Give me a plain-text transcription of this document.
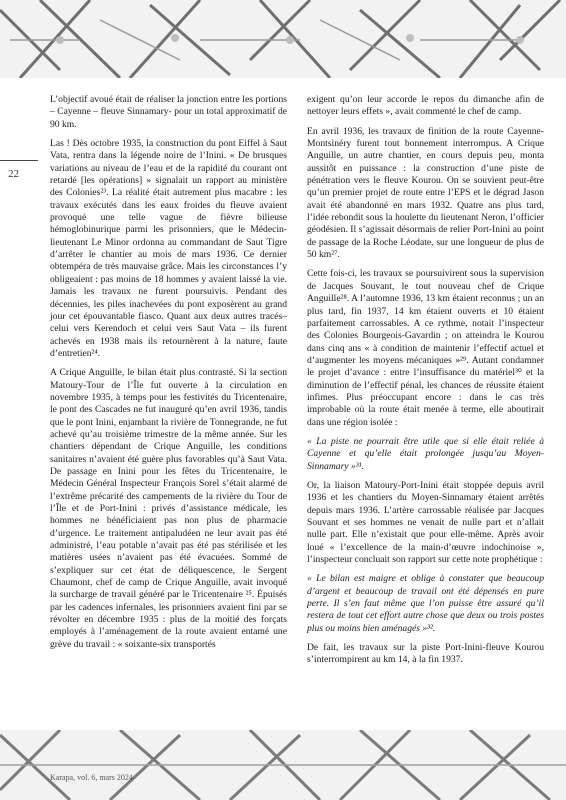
22

L’objectif avoué était de réaliser la jonction entre les portions – Cayenne – fleuve Sinnamary- pour un total approximatif de 90 km.

Las ! Dès octobre 1935, la construction du pont Eiffel à Saut Vata, rentra dans la légende noire de l’Inini. « De brusques variations au niveau de l’eau et de la rapidité du courant ont retardé [les opérations] » signalait un rapport au ministère des Colonies²³. La réalité était autrement plus macabre : les travaux exécutés dans les eaux froides du fleuve avaient provoqué une telle vague de fièvre bilieuse hémoglobinurique parmi les prisonniers, que le Médecin-lieutenant Le Minor ordonna au commandant de Saut Tigre d’arrêter le chantier au mois de mars 1936. Ce dernier obtempéra de très mauvaise grâce. Mais les circonstances l’y obligeaient : pas moins de 18 hommes y avaient laissé la vie. Jamais les travaux ne furent poursuivis. Pendant des décennies, les piles inachevées du pont exposèrent au grand jour cet épouvantable fiasco. Quant aux deux autres tracés– celui vers Kerendoch et celui vers Saut Vata – ils furent achevés en 1938 mais ils retournèrent à la nature, faute d’entretien²⁴.

A Crique Anguille, le bilan était plus contrasté. Si la section Matoury-Tour de l’Île fut ouverte à la circulation en novembre 1935, à temps pour les festivités du Tricentenaire, le pont des Cascades ne fut inauguré qu’en avril 1936, tandis que le pont Inini, enjambant la rivière de Tonnegrande, ne fut achevé qu’au troisième trimestre de la même année. Sur les chantiers dépendant de Crique Anguille, les conditions sanitaires n’avaient été guère plus favorables qu’à Saut Vata. De passage en Inini pour les fêtes du Tricentenaire, le Médecin Général Inspecteur François Sorel s’était alarmé de l’extrême précarité des campements de la rivière du Tour de l’Île et de Port-Inini : privés d’assistance médicale, les hommes ne bénéficiaient pas non plus de pharmacie d’urgence. Le traitement antipaludéen ne leur avait pas été administré, l’eau potable n’avait pas été pas stérilisée et les matières usées n’avaient pas été évacuées. Sommé de s’expliquer sur cet état de déliquescence, le Sergent Chaumont, chef de camp de Crique Anguille, avait invoqué la surcharge de travail généré par le Tricentenaire ²⁵. Épuisés par les cadences infernales, les prisonniers avaient fini par se révolter en décembre 1935 : plus de la moitié des forçats employés à l’aménagement de la route avaient entamé une grève du travail : « soixante-six transportés

exigent qu’on leur accorde le repos du dimanche afin de nettoyer leurs effets », avait commenté le chef de camp.

En avril 1936, les travaux de finition de la route Cayenne- Montsinéry furent tout bonnement interrompus. A Crique Anguille, un autre chantier, en cours depuis peu, monta aussitôt en puissance : la construction d’une piste de pénétration vers le fleuve Kourou. On se souvient peut-être qu’un premier projet de route entre l’EPS et le dégrad Jason avait été abandonné en mars 1932. Quatre ans plus tard, l’idée rebondit sous la houlette du lieutenant Neron, l’officier géodésien. Il s’agissait désormais de relier Port-Inini au point de passage de la Roche Léodate, sur une longueur de plus de 50 km²⁷.

Cette fois-ci, les travaux se poursuivirent sous la supervision de Jacques Souvant, le tout nouveau chef de Crique Anguille²⁸. A l’automne 1936, 13 km étaient reconnus ; un an plus tard, fin 1937, 14 km étaient ouverts et 10 étaient parfaitement carrossables. A ce rythme, notait l’inspecteur des Colonies Bourgeois-Gavardin ; on atteindra le Kourou dans cinq ans « à condition de maintenir l’effectif actuel et d’augmenter les moyens mécaniques »²⁹. Autant condamner le projet d’avance : entre l’insuffisance du matériel³⁰ et la diminution de l’effectif pénal, les chances de réussite étaient infimes. Plus préoccupant encore : dans le cas très improbable où la route était menée à terme, elle aboutirait dans une région isolée :

« La piste ne pourrait être utile que si elle était reliée à Cayenne et qu’elle était prolongée jusqu’au Moyen-Sinnamary »³¹.

Or, la liaison Matoury-Port-Inini était stoppée depuis avril 1936 et les chantiers du Moyen-Sinnamary étaient arrêtés depuis mars 1936. L’artère carrossable réalisée par Jacques Souvant et ses hommes ne venait de nulle part et n’allait nulle part. Elle n’existait que pour elle-même. Après avoir loué « l’excellence de la main-d’œuvre indochinoise », l’inspecteur concluait son rapport sur cette note prophétique :

« Le bilan est maigre et oblige à constater que beaucoup d’argent et beaucoup de travail ont été dépensés en pure perte. Il s’en faut même que l’on puisse être assuré qu’il restera de tout cet effort autre chose que deux ou trois postes plus ou moins bien aménagés »³².

De fait, les travaux sur la piste Port-Inini-fleuve Kourou s’interrompirent au km 14, à la fin 1937.

Karapa, vol. 6, mars 2024
